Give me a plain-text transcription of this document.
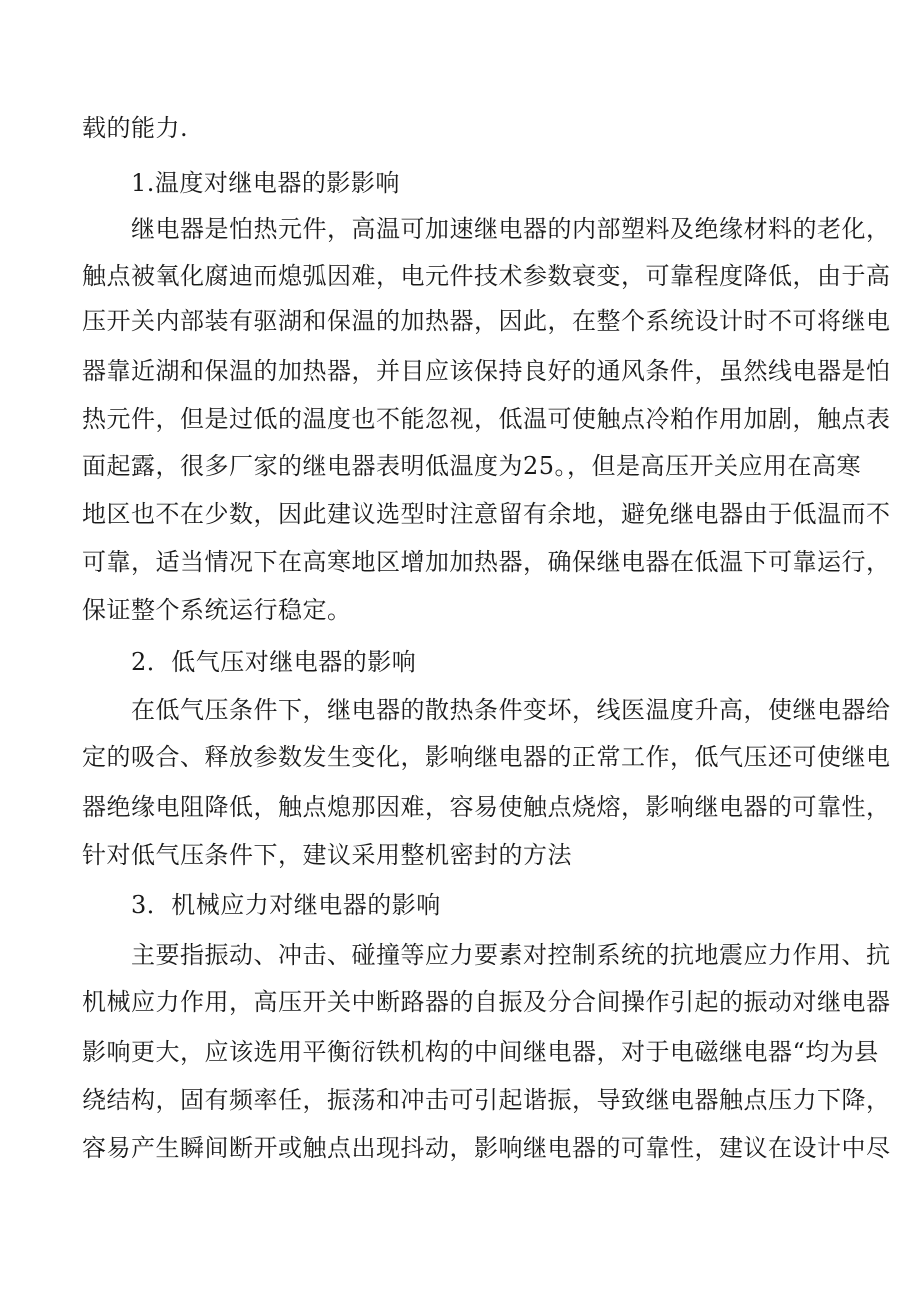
载的能力.
1.温度对继电器的影影响
继电器是怕热元件，高温可加速继电器的内部塑料及绝缘材料的老化，
触点被氧化腐迪而熄弧因难，电元件技术参数衰变，可靠程度降低，由于高
压开关内部装有驱湖和保温的加热器，因此，在整个系统设计时不可将继电
器靠近湖和保温的加热器，并目应该保持良好的通风条件，虽然线电器是怕
热元件，但是过低的温度也不能忽视，低温可使触点冷粕作用加剧，触点表
面起露，很多厂家的继电器表明低温度为25。，但是高压开关应用在高寒
地区也不在少数，因此建议选型时注意留有余地，避免继电器由于低温而不
可靠，适当情况下在高寒地区增加加热器，确保继电器在低温下可靠运行，
保证整个系统运行稳定。
2．低气压对继电器的影响
在低气压条件下，继电器的散热条件变坏，线医温度升高，使继电器给
定的吸合、释放参数发生变化，影响继电器的正常工作，低气压还可使继电
器绝缘电阻降低，触点熄那因难，容易使触点烧熔，影响继电器的可靠性，
针对低气压条件下，建议采用整机密封的方法
3．机械应力对继电器的影响
主要指振动、冲击、碰撞等应力要素对控制系统的抗地震应力作用、抗
机械应力作用，高压开关中断路器的自振及分合间操作引起的振动对继电器
影响更大，应该选用平衡衍铁机构的中间继电器，对于电磁继电器“均为县
绕结构，固有频率任，振荡和冲击可引起谐振，导致继电器触点压力下降，
容易产生瞬间断开或触点出现抖动，影响继电器的可靠性，建议在设计中尽
